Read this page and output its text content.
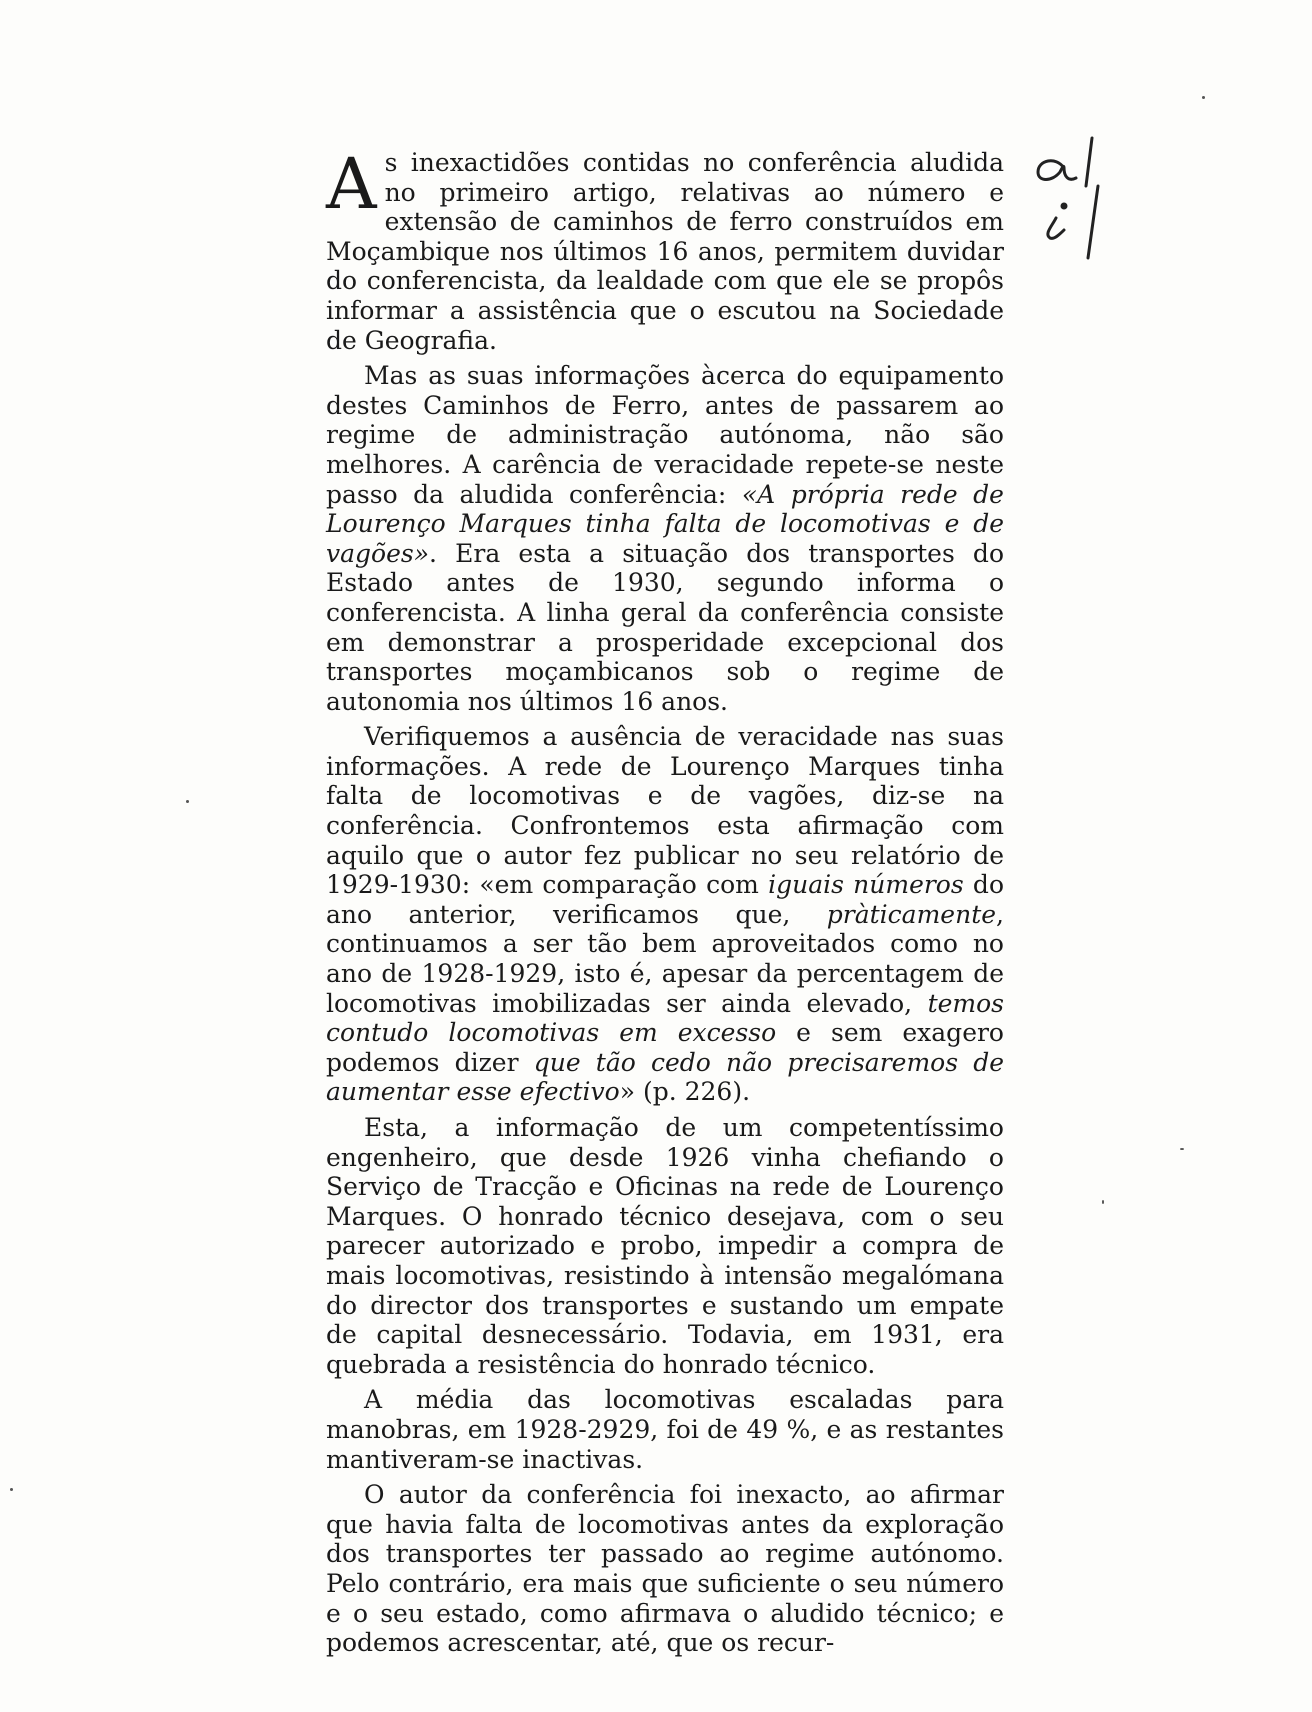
A s inexactidões contidas no conferência aludida no primeiro artigo, relativas ao número e extensão de caminhos de ferro construídos em Moçambique nos últimos 16 anos, permitem duvidar do conferencista, da lealdade com que ele se propôs informar a assistência que o escutou na Sociedade de Geografia.

Mas as suas informações àcerca do equipamento destes Caminhos de Ferro, antes de passarem ao regime de administração autónoma, não são melhores. A carência de veracidade repete-se neste passo da aludida conferência: «A própria rede de Lourenço Marques tinha falta de locomotivas e de vagões». Era esta a situação dos transportes do Estado antes de 1930, segundo informa o conferencista. A linha geral da conferência consiste em demonstrar a prosperidade excepcional dos transportes moçambicanos sob o regime de autonomia nos últimos 16 anos.

Verifiquemos a ausência de veracidade nas suas informações. A rede de Lourenço Marques tinha falta de locomotivas e de vagões, diz-se na conferência. Confrontemos esta afirmação com aquilo que o autor fez publicar no seu relatório de 1929-1930: «em comparação com iguais números do ano anterior, verificamos que, pràticamente, continuamos a ser tão bem aproveitados como no ano de 1928-1929, isto é, apesar da percentagem de locomotivas imobilizadas ser ainda elevado, temos contudo locomotivas em excesso e sem exagero podemos dizer que tão cedo não precisaremos de aumentar esse efectivo» (p. 226).

Esta, a informação de um competentíssimo engenheiro, que desde 1926 vinha chefiando o Serviço de Tracção e Oficinas na rede de Lourenço Marques. O honrado técnico desejava, com o seu parecer autorizado e probo, impedir a compra de mais locomotivas, resistindo à intensão megalómana do director dos transportes e sustando um empate de capital desnecessário. Todavia, em 1931, era quebrada a resistência do honrado técnico.

A média das locomotivas escaladas para manobras, em 1928-2929, foi de 49 %, e as restantes mantiveram-se inactivas.

O autor da conferência foi inexacto, ao afirmar que havia falta de locomotivas antes da exploração dos transportes ter passado ao regime autónomo. Pelo contrário, era mais que suficiente o seu número e o seu estado, como afirmava o aludido técnico; e podemos acrescentar, até, que os recur-
